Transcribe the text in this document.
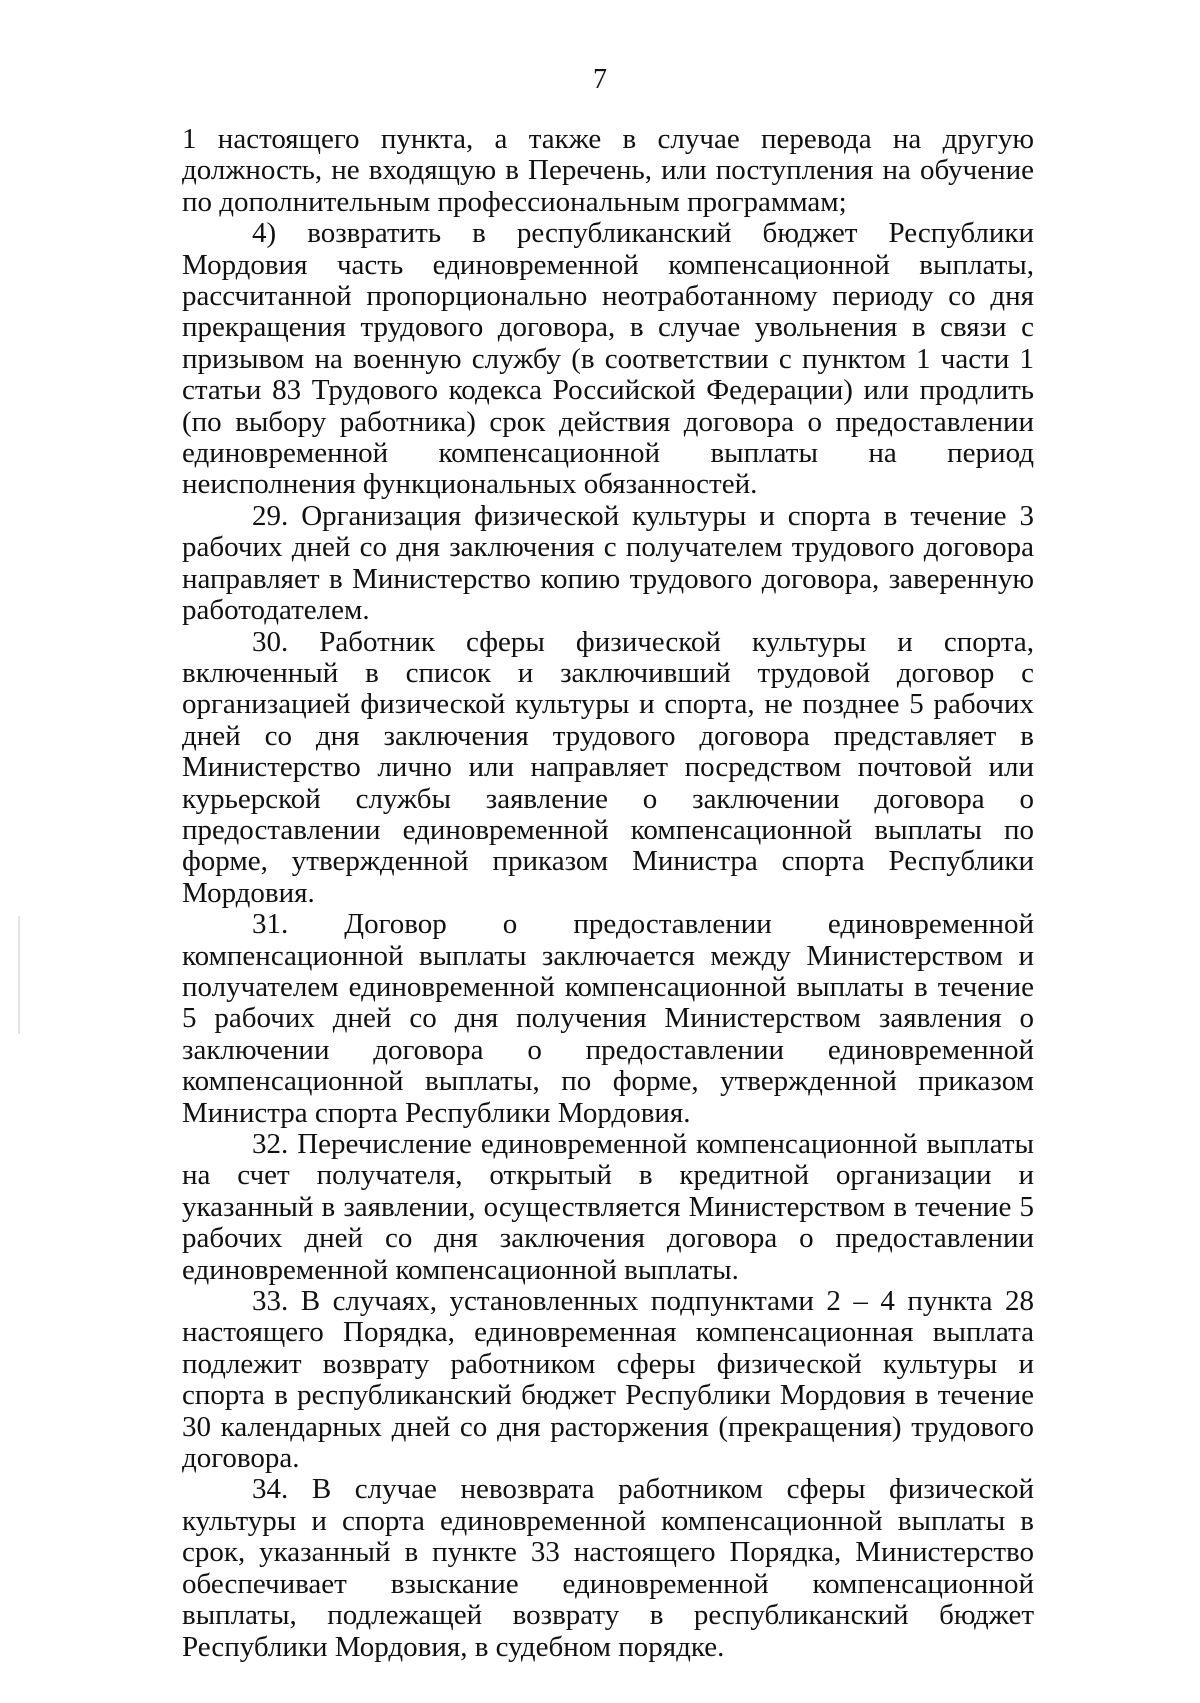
7

1 настоящего пункта, а также в случае перевода на другую должность, не входящую в Перечень, или поступления на обучение по дополнительным профессиональным программам;

4) возвратить в республиканский бюджет Республики Мордовия часть единовременной компенсационной выплаты, рассчитанной пропорционально неотработанному периоду со дня прекращения трудового договора, в случае увольнения в связи с призывом на военную службу (в соответствии с пунктом 1 части 1 статьи 83 Трудового кодекса Российской Федерации) или продлить (по выбору работника) срок действия договора о предоставлении единовременной компенсационной выплаты на период неисполнения функциональных обязанностей.

29. Организация физической культуры и спорта в течение 3 рабочих дней со дня заключения с получателем трудового договора направляет в Министерство копию трудового договора, заверенную работодателем.

30. Работник сферы физической культуры и спорта, включенный в список и заключивший трудовой договор с организацией физической культуры и спорта, не позднее 5 рабочих дней со дня заключения трудового договора представляет в Министерство лично или направляет посредством почтовой или курьерской службы заявление о заключении договора о предоставлении единовременной компенсационной выплаты по форме, утвержденной приказом Министра спорта Республики Мордовия.

31. Договор о предоставлении единовременной компенсационной выплаты заключается между Министерством и получателем единовременной компенсационной выплаты в течение 5 рабочих дней со дня получения Министерством заявления о заключении договора о предоставлении единовременной компенсационной выплаты, по форме, утвержденной приказом Министра спорта Республики Мордовия.

32. Перечисление единовременной компенсационной выплаты на счет получателя, открытый в кредитной организации и указанный в заявлении, осуществляется Министерством в течение 5 рабочих дней со дня заключения договора о предоставлении единовременной компенсационной выплаты.

33. В случаях, установленных подпунктами 2 – 4 пункта 28 настоящего Порядка, единовременная компенсационная выплата подлежит возврату работником сферы физической культуры и спорта в республиканский бюджет Республики Мордовия в течение 30 календарных дней со дня расторжения (прекращения) трудового договора.

34. В случае невозврата работником сферы физической культуры и спорта единовременной компенсационной выплаты в срок, указанный в пункте 33 настоящего Порядка, Министерство обеспечивает взыскание единовременной компенсационной выплаты, подлежащей возврату в республиканский бюджет Республики Мордовия, в судебном порядке.
